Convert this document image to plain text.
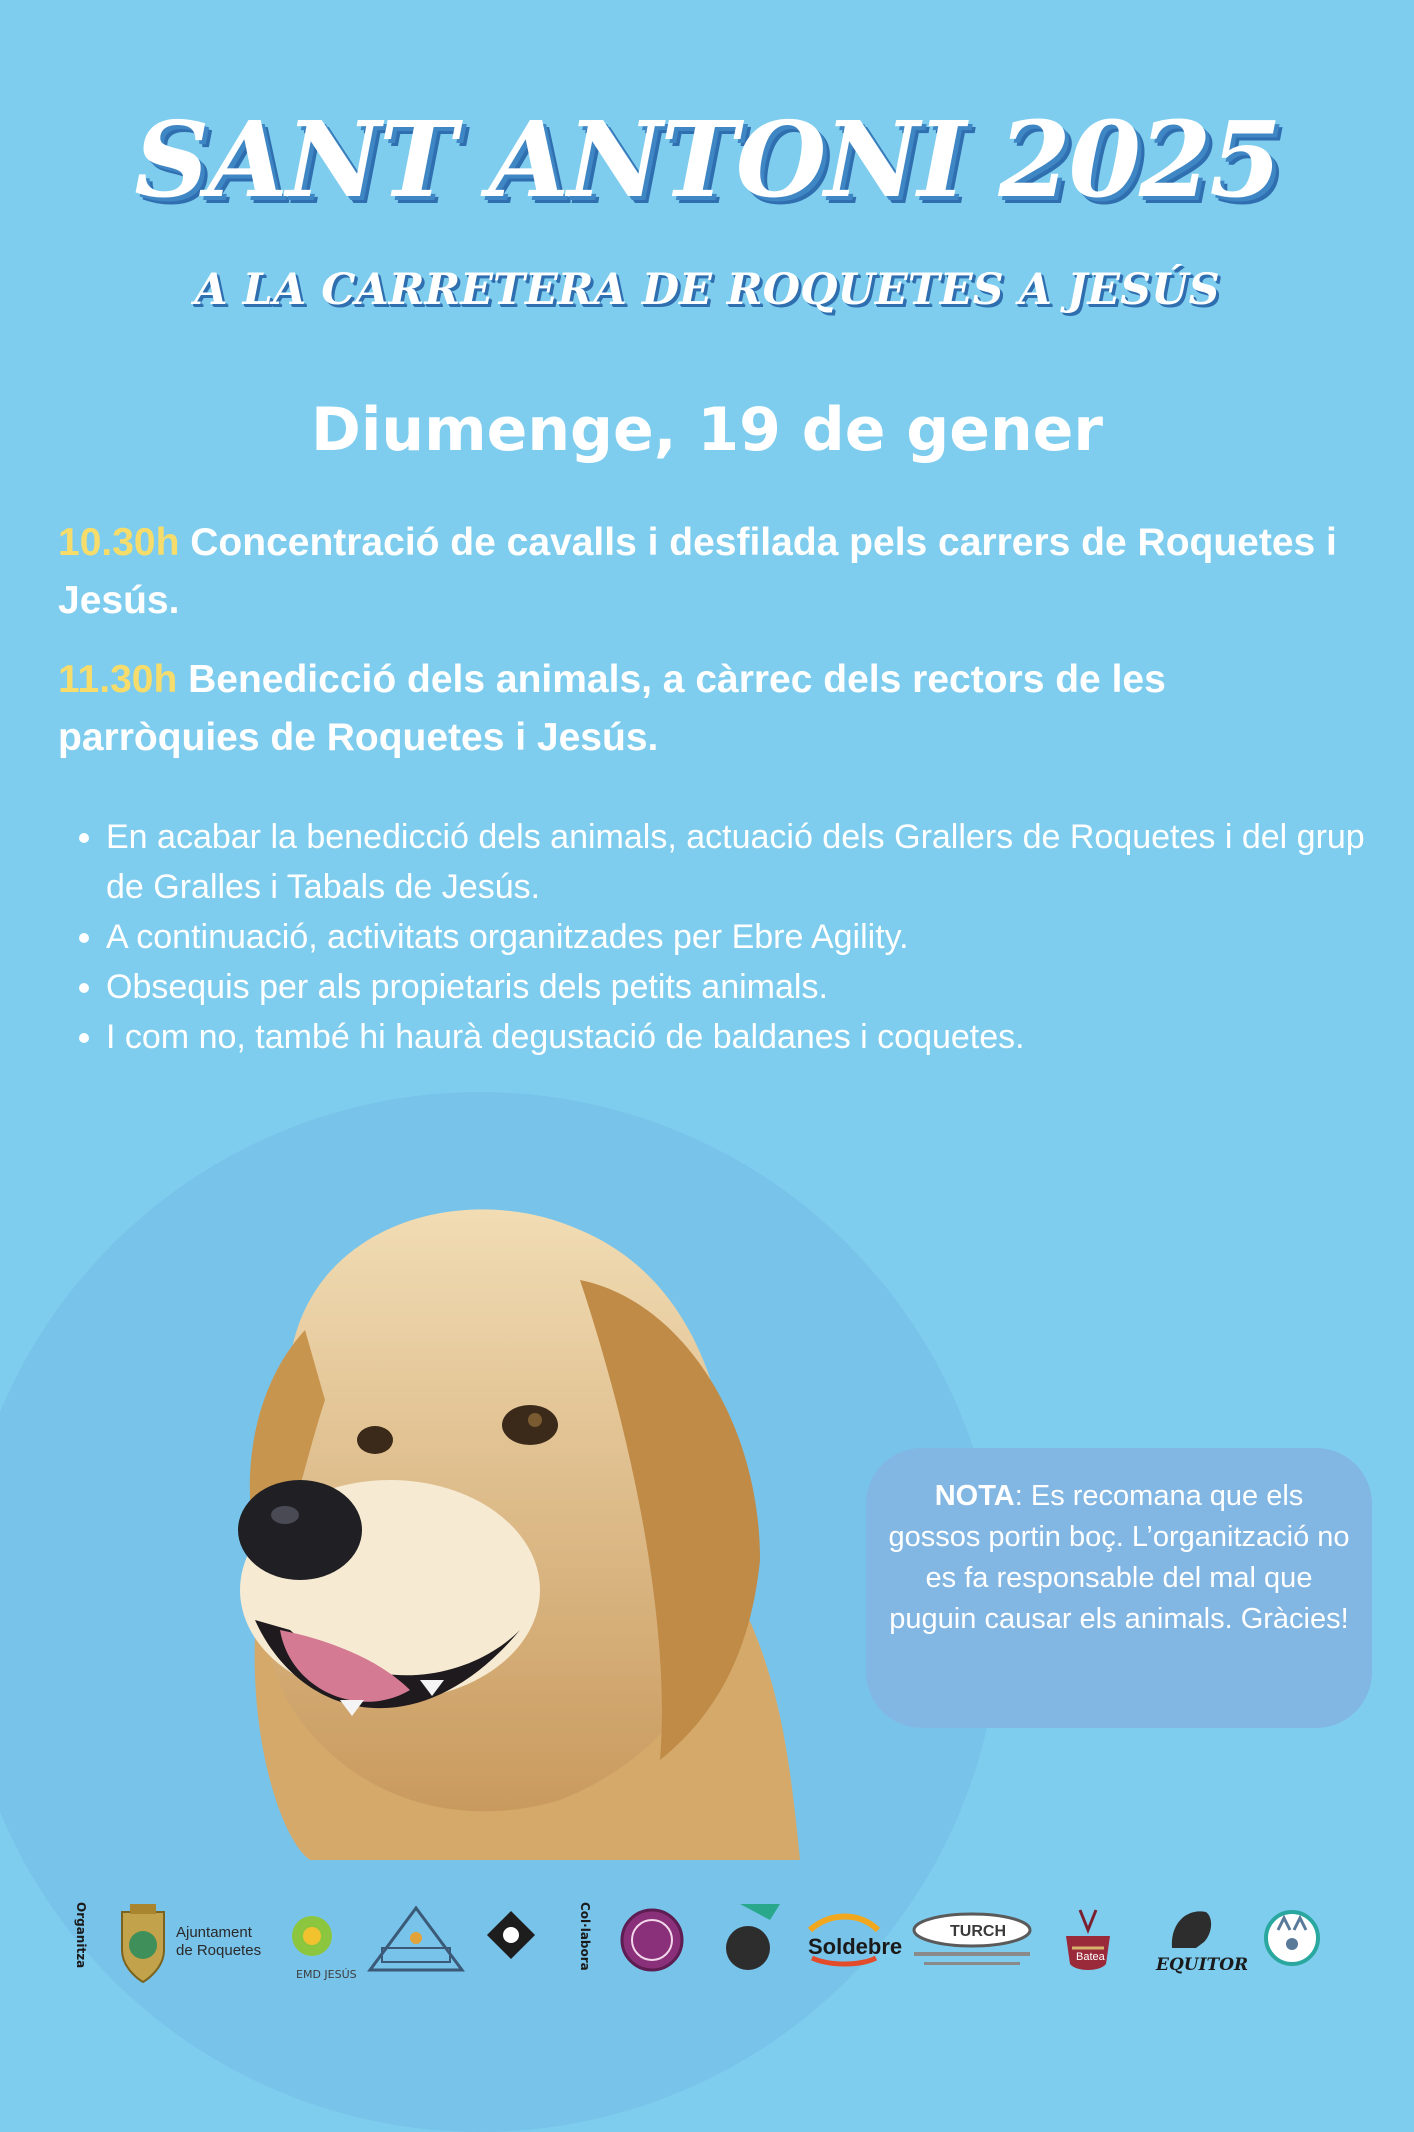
SANT ANTONI 2025
A LA CARRETERA DE ROQUETES A JESÚS
Diumenge, 19 de gener
10.30h Concentració de cavalls i desfilada pels carrers de Roquetes i Jesús.
11.30h Benedicció dels animals, a càrrec dels rectors de les parròquies de Roquetes i Jesús.
• En acabar la benedicció dels animals, actuació dels Grallers de Roquetes i del grup de Gralles i Tabals de Jesús.
• A continuació, activitats organitzades per Ebre Agility.
• Obsequis per als propietaris dels petits animals.
• I com no, també hi haurà degustació de baldanes i coquetes.
NOTA: Es recomana que els gossos portin boç. L’organització no es fa responsable del mal que puguin causar els animals. Gràcies!
EMD JESÚS
Soldebre
TURCH
Batea	EQUITOR
Organitza	Col·labora
Ajuntament
de Roquetes
